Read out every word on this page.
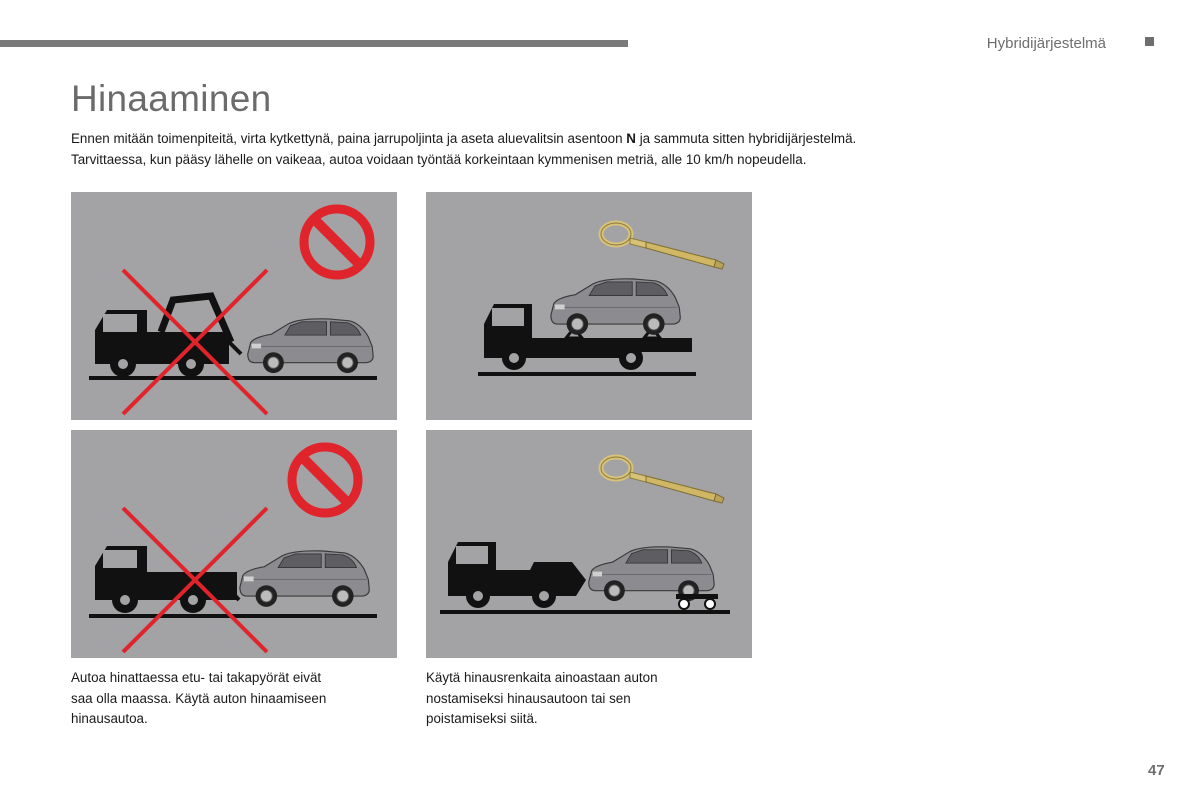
Hybridijärjestelmä
Hinaaminen
Ennen mitään toimenpiteitä, virta kytkettynä, paina jarrupoljinta ja aseta aluevalitsin asentoon N ja sammuta sitten hybridijärjestelmä.
Tarvittaessa, kun pääsy lähelle on vaikeaa, autoa voidaan työntää korkeintaan kymmenisen metriä, alle 10 km/h nopeudella.
Autoa hinattaessa etu- tai takapyörät eivät
saa olla maassa. Käytä auton hinaamiseen
hinausautoa.
Käytä hinausrenkaita ainoastaan auton
nostamiseksi hinausautoon tai sen
poistamiseksi siitä.
47
